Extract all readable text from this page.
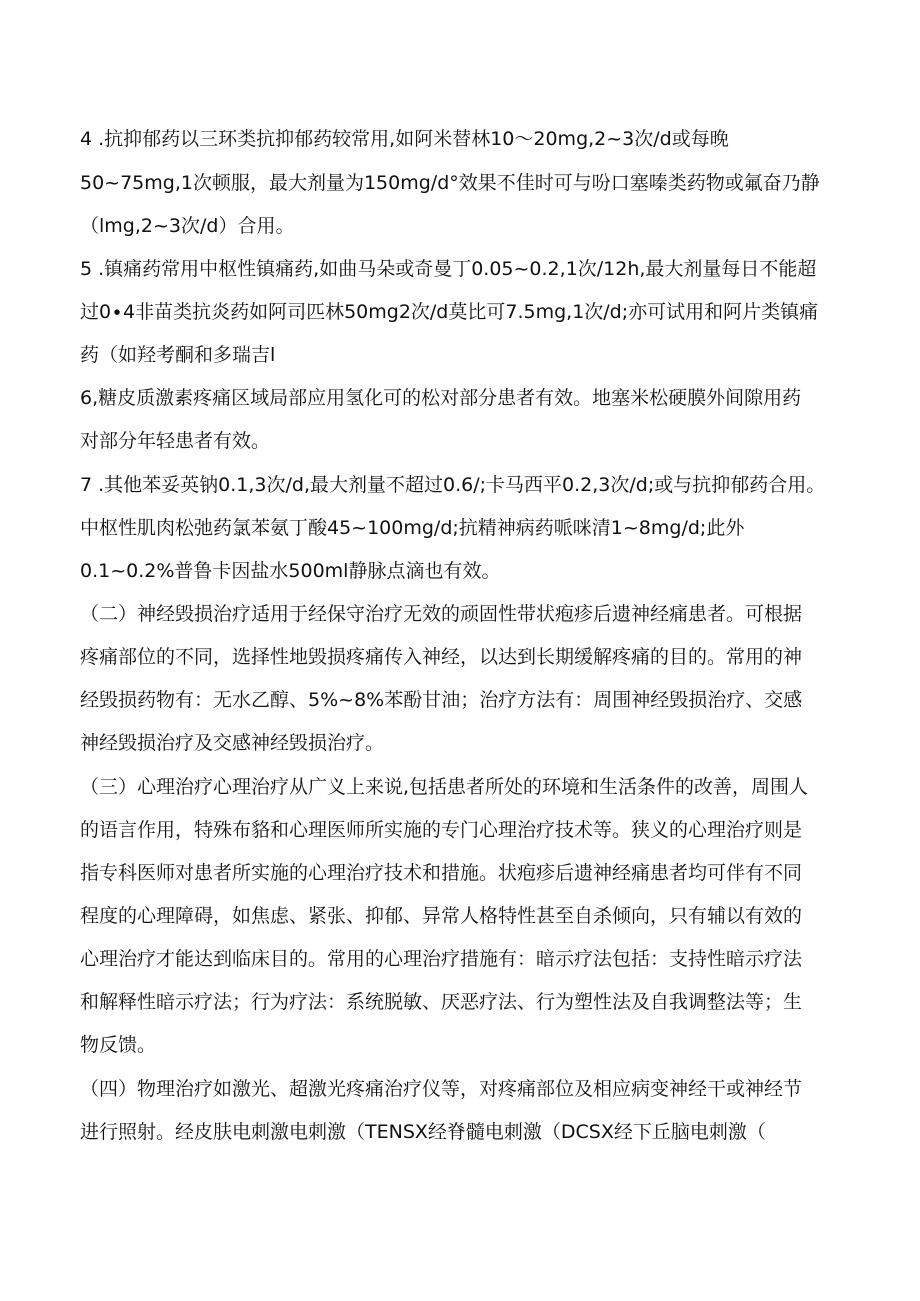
4 .抗抑郁药以三环类抗抑郁药较常用,如阿米替林10～20mg,2~3次/d或每晚
50~75mg,1次顿服，最大剂量为150mg∕d°效果不佳时可与吩口塞嗪类药物或氟奋乃静
（lmg,2~3次/d）合用。
5 .镇痛药常用中枢性镇痛药,如曲马朵或奇曼丁0.05~0.2,1次∕12h,最大剂量每日不能超
过0∙4非苗类抗炎药如阿司匹林50mg2次/d莫比可7.5mg,1次/d;亦可试用和阿片类镇痛
药（如羟考酮和多瑞吉l
6,糖皮质激素疼痛区域局部应用氢化可的松对部分患者有效。地塞米松硬膜外间隙用药
对部分年轻患者有效。
7 .其他苯妥英钠0.1,3次/d,最大剂量不超过0.6/;卡马西平0.2,3次/d;或与抗抑郁药合用。
中枢性肌肉松弛药氯苯氨丁酸45~100mg/d;抗精神病药哌咪清1~8mg/d;此外
0.1~0.2%普鲁卡因盐水500ml静脉点滴也有效。
（二）神经毁损治疗适用于经保守治疗无效的顽固性带状疱疹后遗神经痛患者。可根据
疼痛部位的不同，选择性地毁损疼痛传入神经，以达到长期缓解疼痛的目的。常用的神
经毁损药物有：无水乙醇、5%~8%苯酚甘油；治疗方法有：周围神经毁损治疗、交感
神经毁损治疗及交感神经毁损治疗。
（三）心理治疗心理治疗从广义上来说,包括患者所处的环境和生活条件的改善，周围人
的语言作用，特殊布貉和心理医师所实施的专门心理治疗技术等。狭义的心理治疗则是
指专科医师对患者所实施的心理治疗技术和措施。状疱疹后遗神经痛患者均可伴有不同
程度的心理障碍，如焦虑、紧张、抑郁、异常人格特性甚至自杀倾向，只有辅以有效的
心理治疗才能达到临床目的。常用的心理治疗措施有：暗示疗法包括：支持性暗示疗法
和解释性暗示疗法；行为疗法：系统脱敏、厌恶疗法、行为塑性法及自我调整法等；生
物反馈。
（四）物理治疗如激光、超激光疼痛治疗仪等，对疼痛部位及相应病变神经干或神经节
进行照射。经皮肤电刺激电刺激（TENSX经脊髓电刺激（DCSX经下丘脑电刺激（
